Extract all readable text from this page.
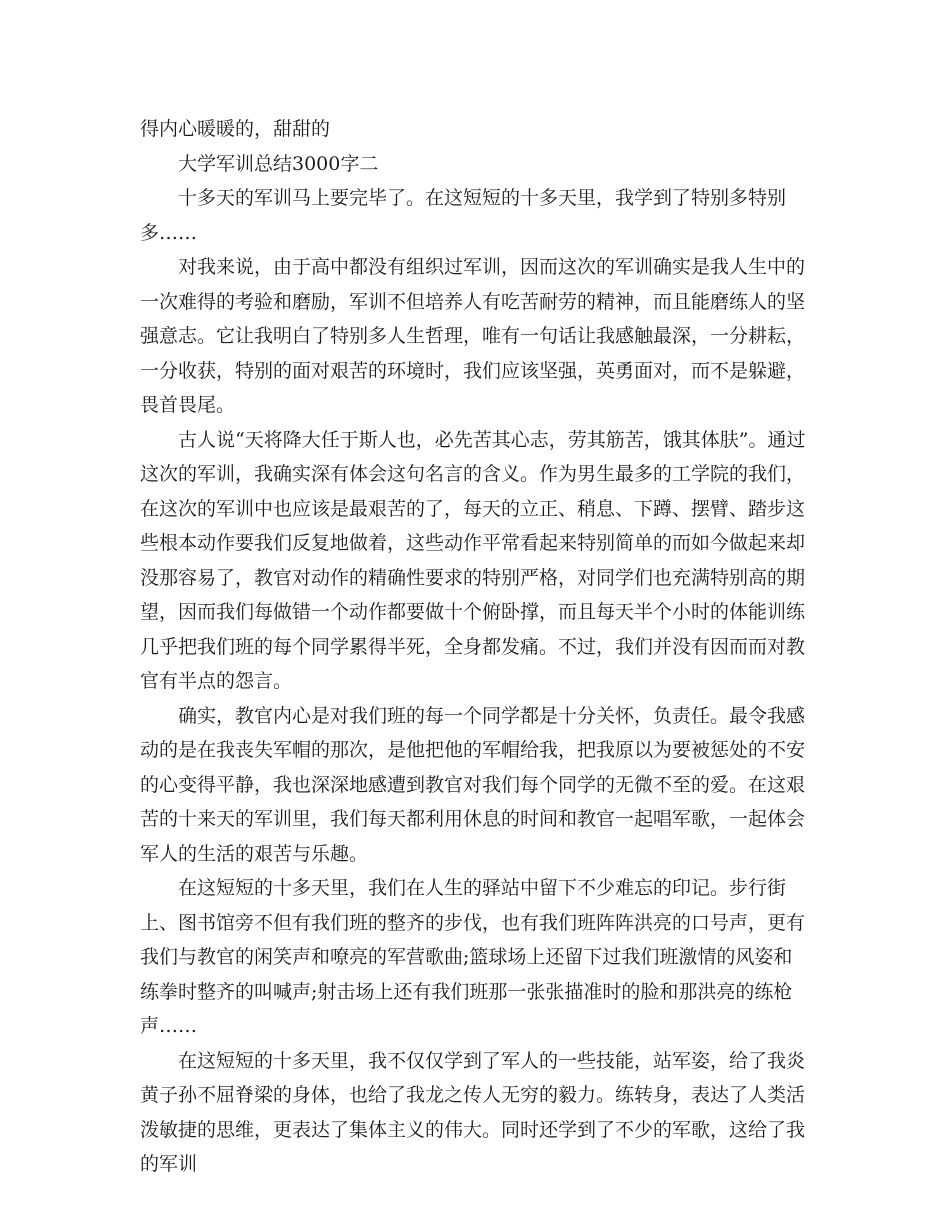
得内心暖暖的，甜甜的

大学军训总结3000字二

十多天的军训马上要完毕了。在这短短的十多天里，我学到了特别多特别多……

对我来说，由于高中都没有组织过军训，因而这次的军训确实是我人生中的一次难得的考验和磨励，军训不但培养人有吃苦耐劳的精神，而且能磨练人的坚强意志。它让我明白了特别多人生哲理，唯有一句话让我感触最深，一分耕耘，一分收获，特别的面对艰苦的环境时，我们应该坚强，英勇面对，而不是躲避，畏首畏尾。

古人说“天将降大任于斯人也，必先苦其心志，劳其筋苦，饿其体肤”。通过这次的军训，我确实深有体会这句名言的含义。作为男生最多的工学院的我们，在这次的军训中也应该是最艰苦的了，每天的立正、稍息、下蹲、摆臂、踏步这些根本动作要我们反复地做着，这些动作平常看起来特别简单的而如今做起来却没那容易了，教官对动作的精确性要求的特别严格，对同学们也充满特别高的期望，因而我们每做错一个动作都要做十个俯卧撑，而且每天半个小时的体能训练几乎把我们班的每个同学累得半死，全身都发痛。不过，我们并没有因而而对教官有半点的怨言。

确实，教官内心是对我们班的每一个同学都是十分关怀，负责任。最令我感动的是在我丧失军帽的那次，是他把他的军帽给我，把我原以为要被惩处的不安的心变得平静，我也深深地感遭到教官对我们每个同学的无微不至的爱。在这艰苦的十来天的军训里，我们每天都利用休息的时间和教官一起唱军歌，一起体会军人的生活的艰苦与乐趣。

在这短短的十多天里，我们在人生的驿站中留下不少难忘的印记。步行街上、图书馆旁不但有我们班的整齐的步伐，也有我们班阵阵洪亮的口号声，更有我们与教官的闲笑声和嘹亮的军营歌曲;篮球场上还留下过我们班激情的风姿和练拳时整齐的叫喊声;射击场上还有我们班那一张张描准时的脸和那洪亮的练枪声……

在这短短的十多天里，我不仅仅学到了军人的一些技能，站军姿，给了我炎黄子孙不屈脊梁的身体，也给了我龙之传人无穷的毅力。练转身，表达了人类活泼敏捷的思维，更表达了集体主义的伟大。同时还学到了不少的军歌，这给了我的军训
